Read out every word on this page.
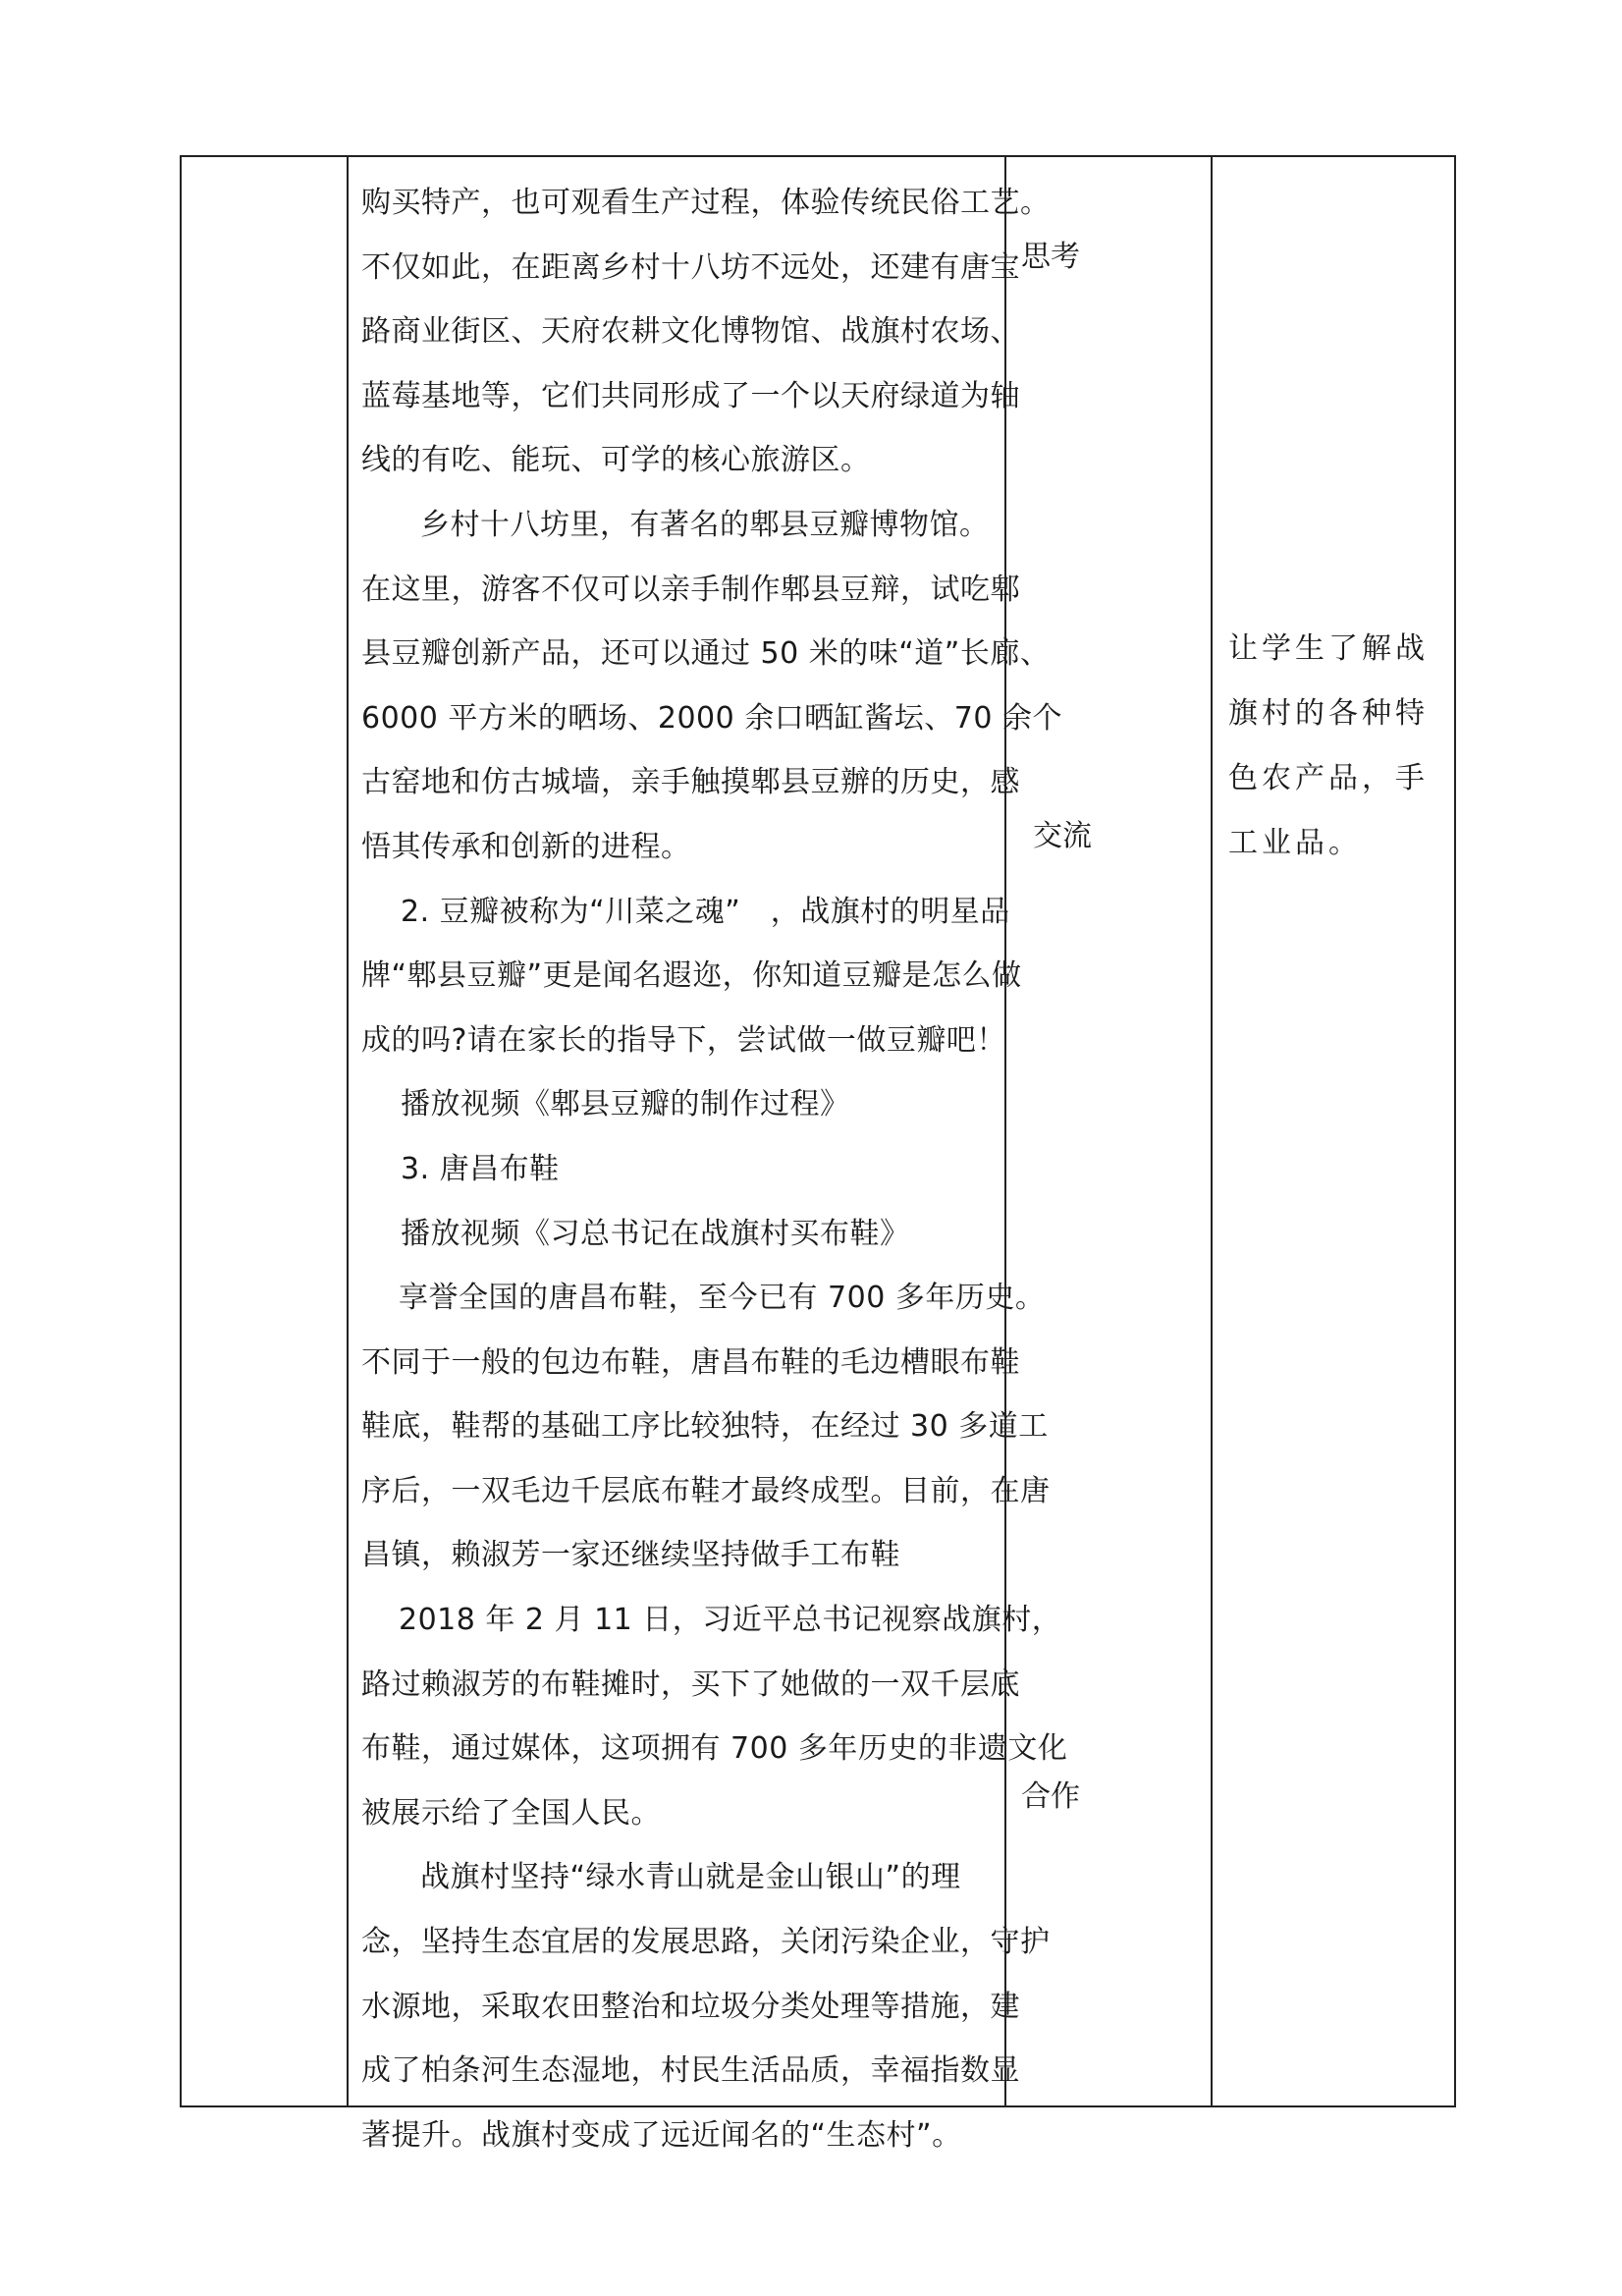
购买特产，也可观看生产过程，体验传统民俗工艺。

不仅如此，在距离乡村十八坊不远处，还建有唐宝

路商业街区、天府农耕文化博物馆、战旗村农场、

蓝莓基地等，它们共同形成了一个以天府绿道为轴

线的有吃、能玩、可学的核心旅游区。

乡村十八坊里，有著名的郫县豆瓣博物馆。

在这里，游客不仅可以亲手制作郫县豆辩，试吃郫

县豆瓣创新产品，还可以通过 50 米的味“道”长廊、

6000 平方米的晒场、2000 余口晒缸酱坛、70 余个

古窑地和仿古城墙，亲手触摸郫县豆辦的历史，感

悟其传承和创新的进程。

2. 豆瓣被称为“川菜之魂”　，战旗村的明星品

牌“郫县豆瓣”更是闻名遐迩，你知道豆瓣是怎么做

成的吗?请在家长的指导下，尝试做一做豆瓣吧！

播放视频《郫县豆瓣的制作过程》

3. 唐昌布鞋

播放视频《习总书记在战旗村买布鞋》

享誉全国的唐昌布鞋，至今已有 700 多年历史。

不同于一般的包边布鞋，唐昌布鞋的毛边槽眼布鞋

鞋底，鞋帮的基础工序比较独特，在经过 30 多道工

序后，一双毛边千层底布鞋才最终成型。目前，在唐

昌镇，赖淑芳一家还继续坚持做手工布鞋

2018 年 2 月 11 日，习近平总书记视察战旗村，

路过赖淑芳的布鞋摊时，买下了她做的一双千层底

布鞋，通过媒体，这项拥有 700 多年历史的非遗文化

被展示给了全国人民。

战旗村坚持“绿水青山就是金山银山”的理

念，坚持生态宜居的发展思路，关闭污染企业，守护

水源地，采取农田整治和垃圾分类处理等措施，建

成了柏条河生态湿地，村民生活品质，幸福指数显

著提升。战旗村变成了远近闻名的“生态村”。

思考

交流

合作

让学生了解战旗村的各种特色农产品，手工业品。
